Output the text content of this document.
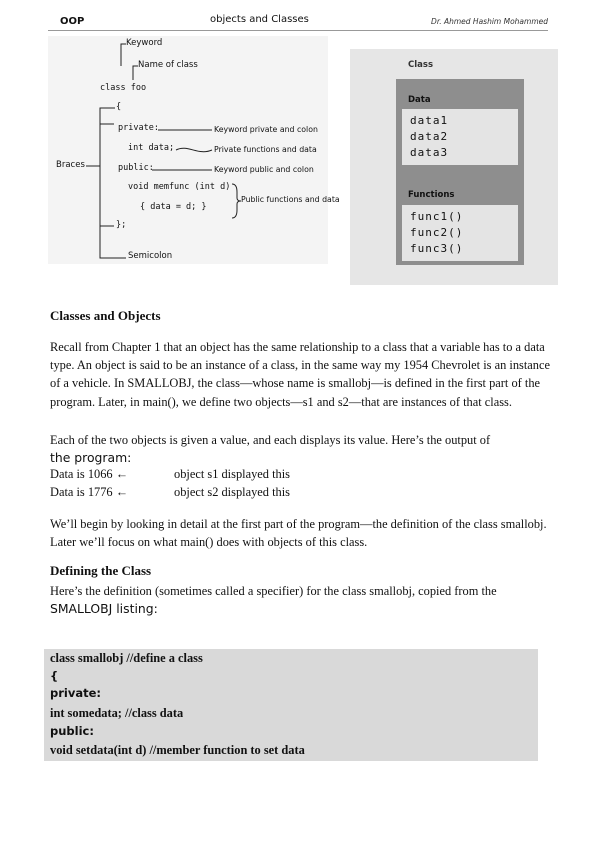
OOP	objects and Classes	Dr. Ahmed Hashim Mohammed
Keyword
Name of class
class foo
{
private:
int data;
public:
void memfunc (int d)
{ data = d; }
};
Braces
Semicolon
Keyword private and colon
Private functions and data
Keyword public and colon
Public functions and data
Class
Data
data1
data2
data3
Functions
func1()
func2()
func3()
Classes and Objects

Recall from Chapter 1 that an object has the same relationship to a class that a variable has to a data type. An object is said to be an instance of a class, in the same way my 1954 Chevrolet is an instance of a vehicle. In SMALLOBJ, the class—whose name is smallobj—is defined in the first part of the program. Later, in main(), we define two objects—s1 and s2—that are instances of that class.

Each of the two objects is given a value, and each displays its value. Here’s the output of

the program:

Data is 1066 ←	object s1 displayed this
Data is 1776 ←	object s2 displayed this

We’ll begin by looking in detail at the first part of the program—the definition of the class smallobj. Later we’ll focus on what main() does with objects of this class.

Defining the Class

Here’s the definition (sometimes called a specifier) for the class smallobj, copied from the

SMALLOBJ listing:

class smallobj //define a class
{
private:
int somedata; //class data
public:
void setdata(int d) //member function to set data
